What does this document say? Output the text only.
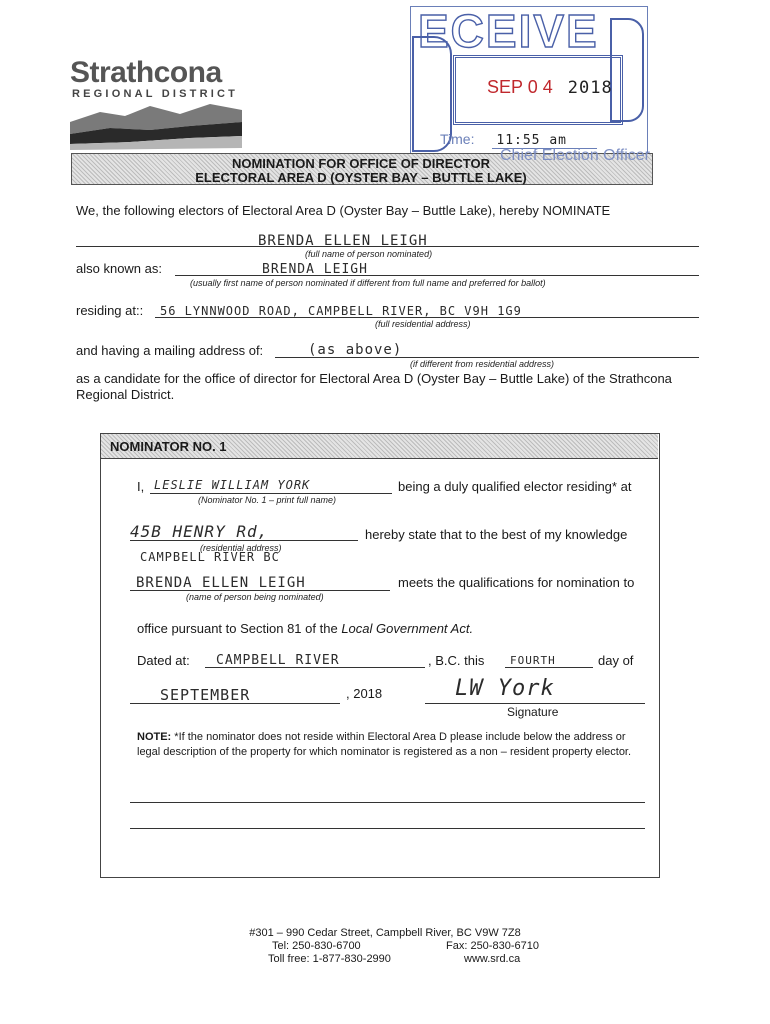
Strathcona
REGIONAL DISTRICT
ECEIVE
SEP 0 4 2018
Time: 11:55 am
NOMINATION FOR OFFICE OF DIRECTOR
ELECTORAL AREA D (OYSTER BAY – BUTTLE LAKE)
Chief Election Officer
We, the following electors of Electoral Area D (Oyster Bay – Buttle Lake), hereby NOMINATE
BRENDA ELLEN LEIGH
(full name of person nominated)
also known as:	BRENDA LEIGH
(usually first name of person nominated if different from full name and preferred for ballot)
residing at:: 56 LYNNWOOD ROAD, CAMPBELL RIVER, BC V9H 1G9
(full residential address)
and having a mailing address of:	(as above)
(if different from residential address)
as a candidate for the office of director for Electoral Area D (Oyster Bay – Buttle Lake) of the Strathcona Regional District.
NOMINATOR NO. 1
I, LESLIE WILLIAM YORK
(Nominator No. 1 – print full name)
being a duly qualified elector residing* at
45B HENRY Rd,
(residential address)
CAMPBELL RIVER BC
hereby state that to the best of my knowledge
BRENDA ELLEN LEIGH
(name of person being nominated)
meets the qualifications for nomination to
office pursuant to Section 81 of the Local Government Act.
Dated at: CAMPBELL RIVER	, B.C. this FOURTH	day of
SEPTEMBER	, 2018	LW York
Signature
NOTE: *If the nominator does not reside within Electoral Area D please include below the address or legal description of the property for which nominator is registered as a non – resident property elector.
#301 – 990 Cedar Street, Campbell River, BC V9W 7Z8
Tel: 250-830-6700	Fax: 250-830-6710
Toll free: 1-877-830-2990	www.srd.ca
